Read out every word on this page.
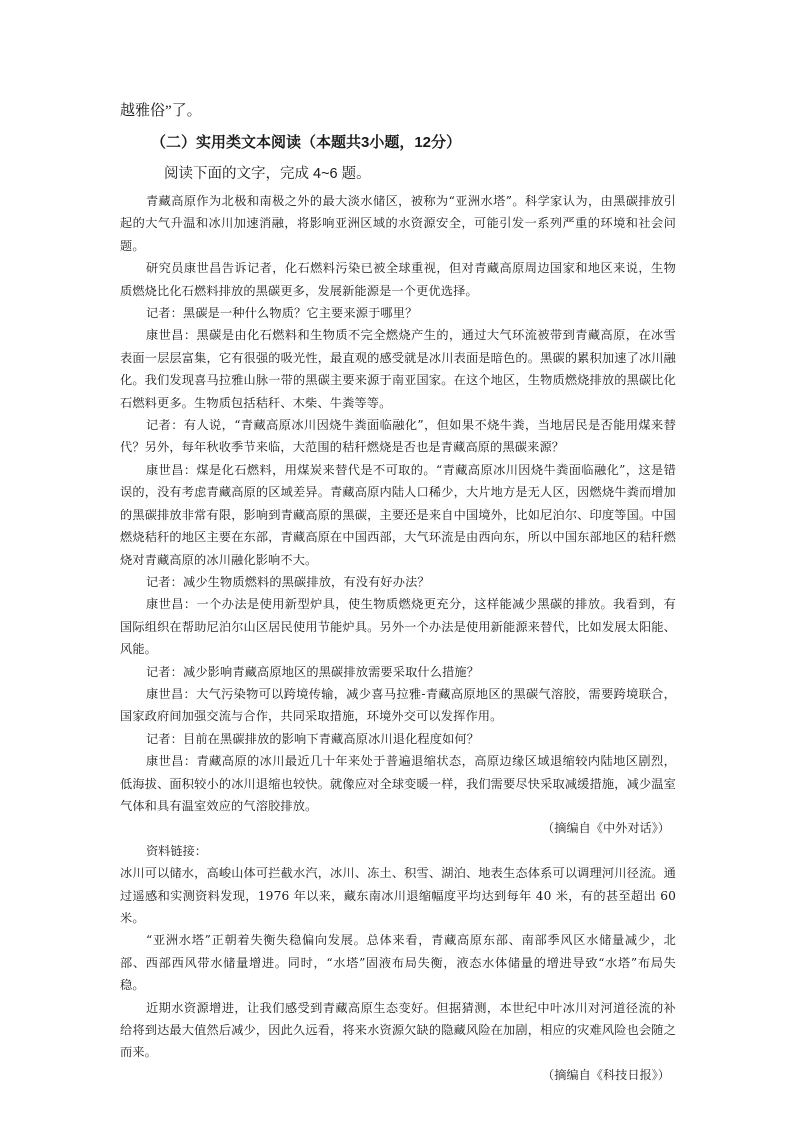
越雅俗”了。
（二）实用类文本阅读（本题共3小题，12分）
阅读下面的文字，完成 4~6 题。

青藏高原作为北极和南极之外的最大淡水储区，被称为“亚洲水塔”。科学家认为，由黑碳排放引起的大气升温和冰川加速消融，将影响亚洲区域的水资源安全，可能引发一系列严重的环境和社会问题。

研究员康世昌告诉记者，化石燃料污染已被全球重视，但对青藏高原周边国家和地区来说，生物质燃烧比化石燃料排放的黑碳更多，发展新能源是一个更优选择。

记者：黑碳是一种什么物质？它主要来源于哪里？

康世昌：黑碳是由化石燃料和生物质不完全燃烧产生的，通过大气环流被带到青藏高原，在冰雪表面一层层富集，它有很强的吸光性，最直观的感受就是冰川表面是暗色的。黑碳的累积加速了冰川融化。我们发现喜马拉雅山脉一带的黑碳主要来源于南亚国家。在这个地区，生物质燃烧排放的黑碳比化石燃料更多。生物质包括秸秆、木柴、牛粪等等。

记者：有人说，“青藏高原冰川因烧牛粪面临融化”，但如果不烧牛粪，当地居民是否能用煤来替代？另外，每年秋收季节来临，大范围的秸秆燃烧是否也是青藏高原的黑碳来源？

康世昌：煤是化石燃料，用煤炭来替代是不可取的。“青藏高原冰川因烧牛粪面临融化”，这是错误的，没有考虑青藏高原的区域差异。青藏高原内陆人口稀少，大片地方是无人区，因燃烧牛粪而增加的黑碳排放非常有限，影响到青藏高原的黑碳，主要还是来自中国境外，比如尼泊尔、印度等国。中国燃烧秸秆的地区主要在东部，青藏高原在中国西部，大气环流是由西向东，所以中国东部地区的秸秆燃烧对青藏高原的冰川融化影响不大。

记者：减少生物质燃料的黑碳排放，有没有好办法？

康世昌：一个办法是使用新型炉具，使生物质燃烧更充分，这样能减少黑碳的排放。我看到，有国际组织在帮助尼泊尔山区居民使用节能炉具。另外一个办法是使用新能源来替代，比如发展太阳能、风能。

记者：减少影响青藏高原地区的黑碳排放需要采取什么措施？

康世昌：大气污染物可以跨境传输，减少喜马拉雅-青藏高原地区的黑碳气溶胶，需要跨境联合，国家政府间加强交流与合作，共同采取措施，环境外交可以发挥作用。

记者：目前在黑碳排放的影响下青藏高原冰川退化程度如何？

康世昌：青藏高原的冰川最近几十年来处于普遍退缩状态，高原边缘区域退缩较内陆地区剧烈，低海拔、面积较小的冰川退缩也较快。就像应对全球变暖一样，我们需要尽快采取减缓措施，减少温室气体和具有温室效应的气溶胶排放。

（摘编自《中外对话》）

资料链接：

冰川可以储水，高峻山体可拦截水汽，冰川、冻土、积雪、湖泊、地表生态体系可以调理河川径流。通过遥感和实测资料发现，1976 年以来，藏东南冰川退缩幅度平均达到每年 40 米，有的甚至超出 60 米。

“亚洲水塔”正朝着失衡失稳偏向发展。总体来看，青藏高原东部、南部季风区水储量减少，北部、西部西风带水储量增进。同时，“水塔”固液布局失衡，液态水体储量的增进导致“水塔”布局失稳。

近期水资源增进，让我们感受到青藏高原生态变好。但据猜测，本世纪中叶冰川对河道径流的补给将到达最大值然后减少，因此久远看，将来水资源欠缺的隐藏风险在加剧，相应的灾难风险也会随之而来。

（摘编自《科技日报》）
